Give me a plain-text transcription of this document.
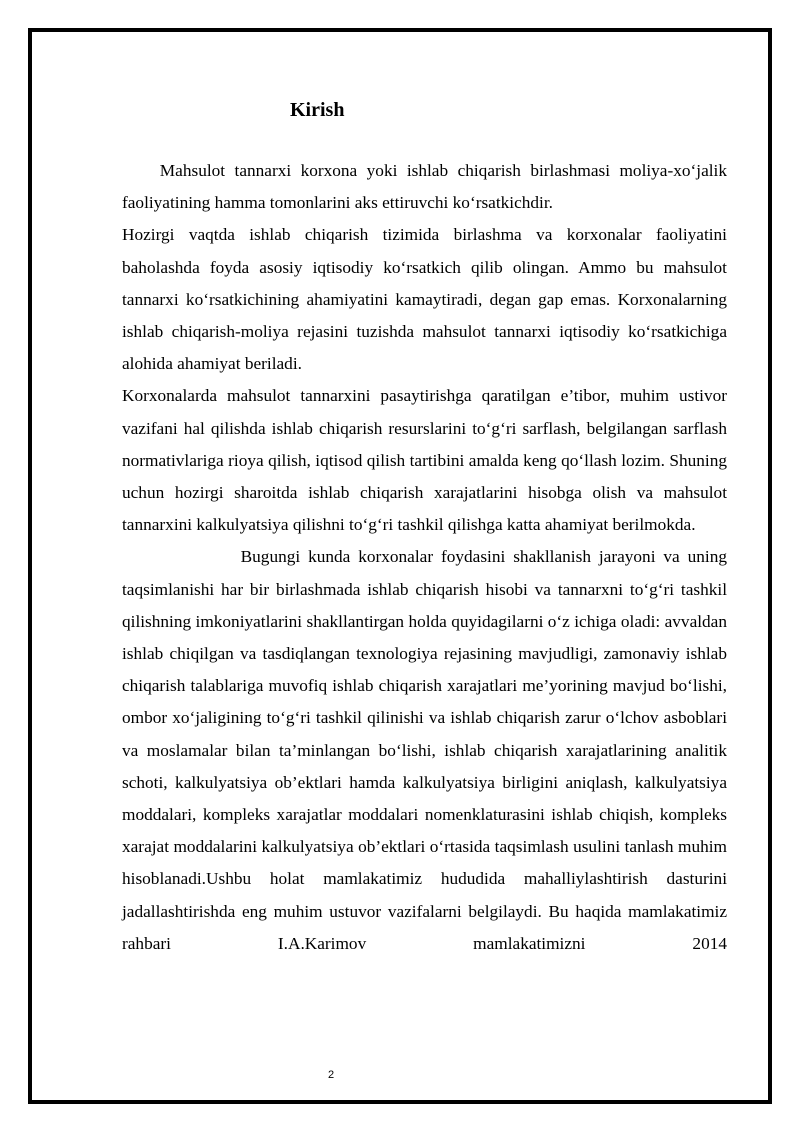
Kirish

Mahsulot tannarxi korxona yoki ishlab chiqarish birlashmasi moliya-xo‘jalik faoliyatining hamma tomonlarini aks ettiruvchi ko‘rsatkichdir.

Hozirgi vaqtda ishlab chiqarish tizimida birlashma va korxonalar faoliyatini baholashda foyda asosiy iqtisodiy ko‘rsatkich qilib olingan. Ammo bu mahsulot tannarxi ko‘rsatkichining ahamiyatini kamaytiradi, degan gap emas. Korxonalarning ishlab chiqarish-moliya rejasini tuzishda mahsulot tannarxi iqtisodiy ko‘rsatkichiga alohida ahamiyat beriladi.

Korxonalarda mahsulot tannarxini pasaytirishga qaratilgan e’tibor, muhim ustivor vazifani hal qilishda ishlab chiqarish resurslarini to‘g‘ri sarflash, belgilangan sarflash normativlariga rioya qilish, iqtisod qilish tartibini amalda keng qo‘llash lozim. Shuning uchun hozirgi sharoitda ishlab chiqarish xarajatlarini hisobga olish va mahsulot tannarxini kalkulyatsiya qilishni to‘g‘ri tashkil qilishga katta ahamiyat berilmokda.

Bugungi kunda korxonalar foydasini shakllanish jarayoni va uning taqsimlanishi har bir birlashmada ishlab chiqarish hisobi va tannarxni to‘g‘ri tashkil qilishning imkoniyatlarini shakllantirgan holda quyidagilarni o‘z ichiga oladi: avvaldan ishlab chiqilgan va tasdiqlangan texnologiya rejasining mavjudligi, zamonaviy ishlab chiqarish talablariga muvofiq ishlab chiqarish xarajatlari me’yorining mavjud bo‘lishi, ombor xo‘jaligining to‘g‘ri tashkil qilinishi va ishlab chiqarish zarur o‘lchov asboblari va moslamalar bilan ta’minlangan bo‘lishi, ishlab chiqarish xarajatlarining analitik schoti, kalkulyatsiya ob’ektlari hamda kalkulyatsiya birligini aniqlash, kalkulyatsiya moddalari, kompleks xarajatlar moddalari nomenklaturasini ishlab chiqish, kompleks xarajat moddalarini kalkulyatsiya ob’ektlari o‘rtasida taqsimlash usulini tanlash muhim hisoblanadi.Ushbu holat mamlakatimiz hududida mahalliylashtirish dasturini jadallashtirishda eng muhim ustuvor vazifalarni belgilaydi. Bu haqida mamlakatimiz rahbari I.A.Karimov mamlakatimizni 2014

2
